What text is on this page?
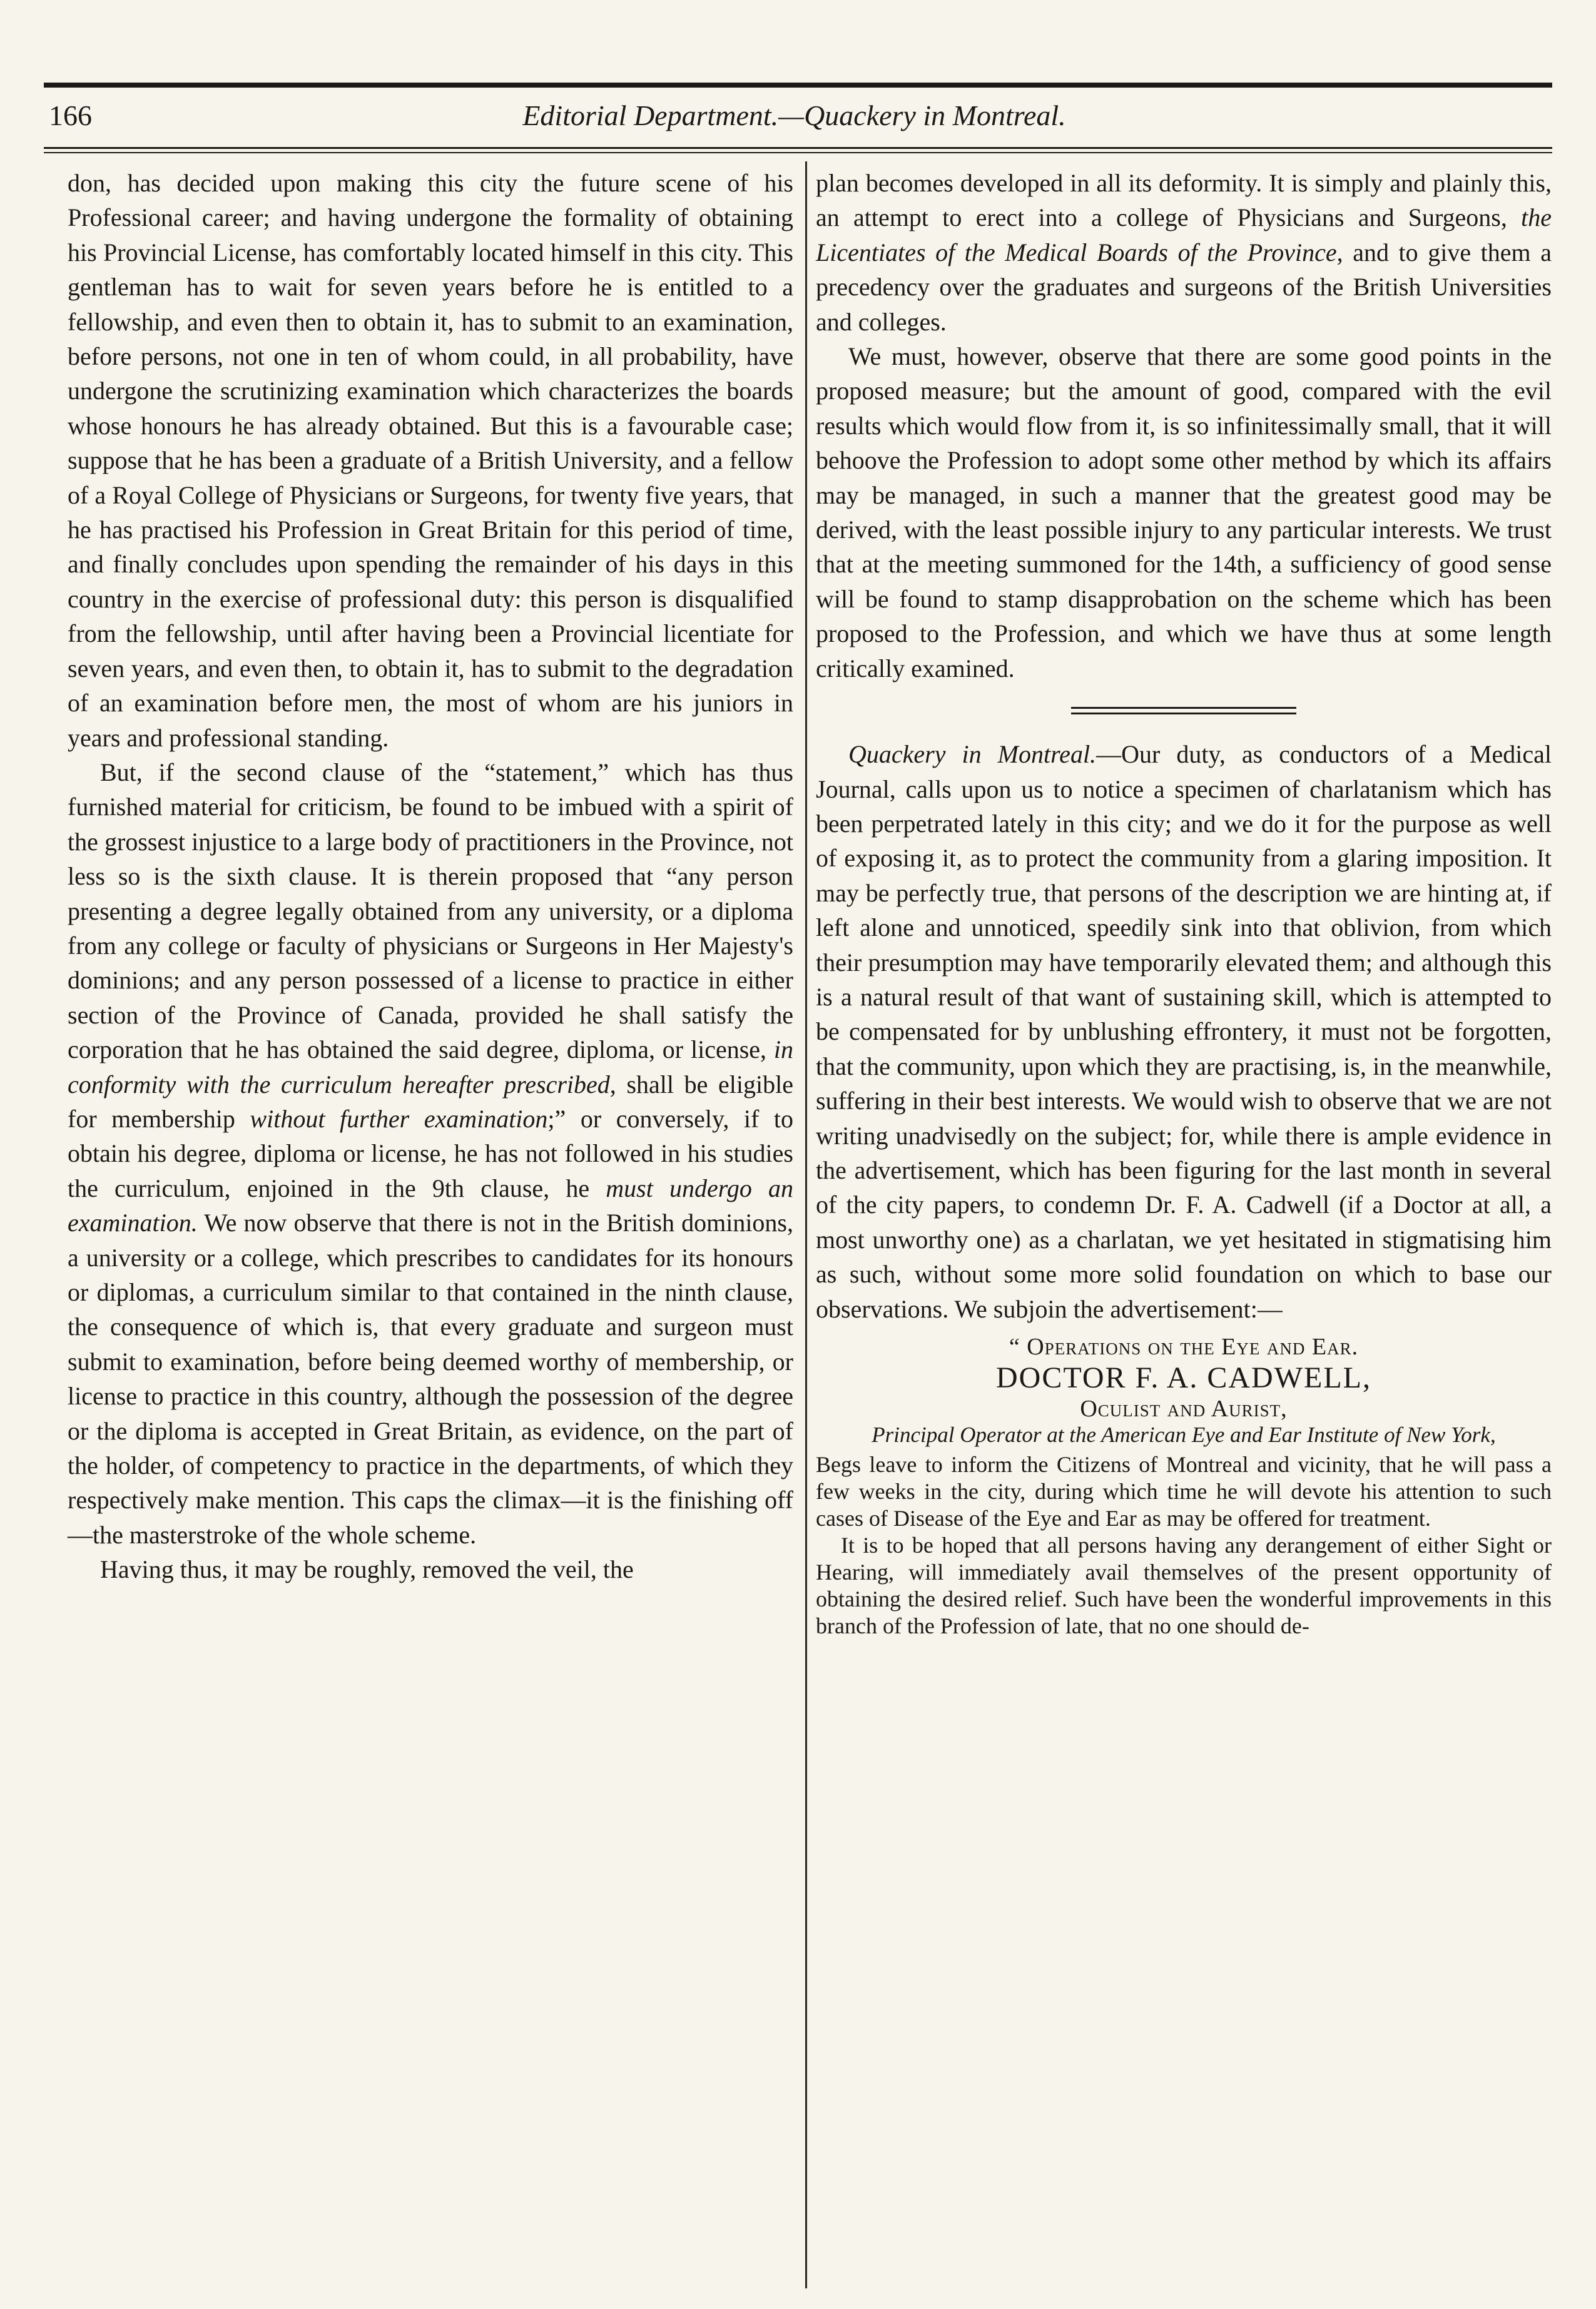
166	Editorial Department.—Quackery in Montreal.

don, has decided upon making this city the future scene of his Professional career; and having undergone the formality of obtaining his Provincial License, has comfortably located himself in this city. This gentleman has to wait for seven years before he is entitled to a fellowship, and even then to obtain it, has to submit to an examination, before persons, not one in ten of whom could, in all probability, have undergone the scrutinizing examination which characterizes the boards whose honours he has already obtained. But this is a favourable case; suppose that he has been a graduate of a British University, and a fellow of a Royal College of Physicians or Surgeons, for twenty five years, that he has practised his Profession in Great Britain for this period of time, and finally concludes upon spending the remainder of his days in this country in the exercise of professional duty: this person is disqualified from the fellowship, until after having been a Provincial licentiate for seven years, and even then, to obtain it, has to submit to the degradation of an examination before men, the most of whom are his juniors in years and professional standing.

But, if the second clause of the “statement,” which has thus furnished material for criticism, be found to be imbued with a spirit of the grossest injustice to a large body of practitioners in the Province, not less so is the sixth clause. It is therein proposed that “any person presenting a degree legally obtained from any university, or a diploma from any college or faculty of physicians or Surgeons in Her Majesty's dominions; and any person possessed of a license to practice in either section of the Province of Canada, provided he shall satisfy the corporation that he has obtained the said degree, diploma, or license, in conformity with the curriculum hereafter prescribed, shall be eligible for membership without further examination;” or conversely, if to obtain his degree, diploma or license, he has not followed in his studies the curriculum, enjoined in the 9th clause, he must undergo an examination. We now observe that there is not in the British dominions, a university or a college, which prescribes to candidates for its honours or diplomas, a curriculum similar to that contained in the ninth clause, the consequence of which is, that every graduate and surgeon must submit to examination, before being deemed worthy of membership, or license to practice in this country, although the possession of the degree or the diploma is accepted in Great Britain, as evidence, on the part of the holder, of competency to practice in the departments, of which they respectively make mention. This caps the climax—it is the finishing off—the masterstroke of the whole scheme.

Having thus, it may be roughly, removed the veil, the

plan becomes developed in all its deformity. It is simply and plainly this, an attempt to erect into a college of Physicians and Surgeons, the Licentiates of the Medical Boards of the Province, and to give them a precedency over the graduates and surgeons of the British Universities and colleges.

We must, however, observe that there are some good points in the proposed measure; but the amount of good, compared with the evil results which would flow from it, is so infinitessimally small, that it will behoove the Profession to adopt some other method by which its affairs may be managed, in such a manner that the greatest good may be derived, with the least possible injury to any particular interests. We trust that at the meeting summoned for the 14th, a sufficiency of good sense will be found to stamp disapprobation on the scheme which has been proposed to the Profession, and which we have thus at some length critically examined.

Quackery in Montreal.—Our duty, as conductors of a Medical Journal, calls upon us to notice a specimen of charlatanism which has been perpetrated lately in this city; and we do it for the purpose as well of exposing it, as to protect the community from a glaring imposition. It may be perfectly true, that persons of the description we are hinting at, if left alone and unnoticed, speedily sink into that oblivion, from which their presumption may have temporarily elevated them; and although this is a natural result of that want of sustaining skill, which is attempted to be compensated for by unblushing effrontery, it must not be forgotten, that the community, upon which they are practising, is, in the meanwhile, suffering in their best interests. We would wish to observe that we are not writing unadvisedly on the subject; for, while there is ample evidence in the advertisement, which has been figuring for the last month in several of the city papers, to condemn Dr. F. A. Cadwell (if a Doctor at all, a most unworthy one) as a charlatan, we yet hesitated in stigmatising him as such, without some more solid foundation on which to base our observations. We subjoin the advertisement:—

“ Operations on the Eye and Ear.
DOCTOR F. A. CADWELL,
Oculist and Aurist,
Principal Operator at the American Eye and Ear Institute of New York,

Begs leave to inform the Citizens of Montreal and vicinity, that he will pass a few weeks in the city, during which time he will devote his attention to such cases of Disease of the Eye and Ear as may be offered for treatment.

It is to be hoped that all persons having any derangement of either Sight or Hearing, will immediately avail themselves of the present opportunity of obtaining the desired relief. Such have been the wonderful improvements in this branch of the Profession of late, that no one should de-
